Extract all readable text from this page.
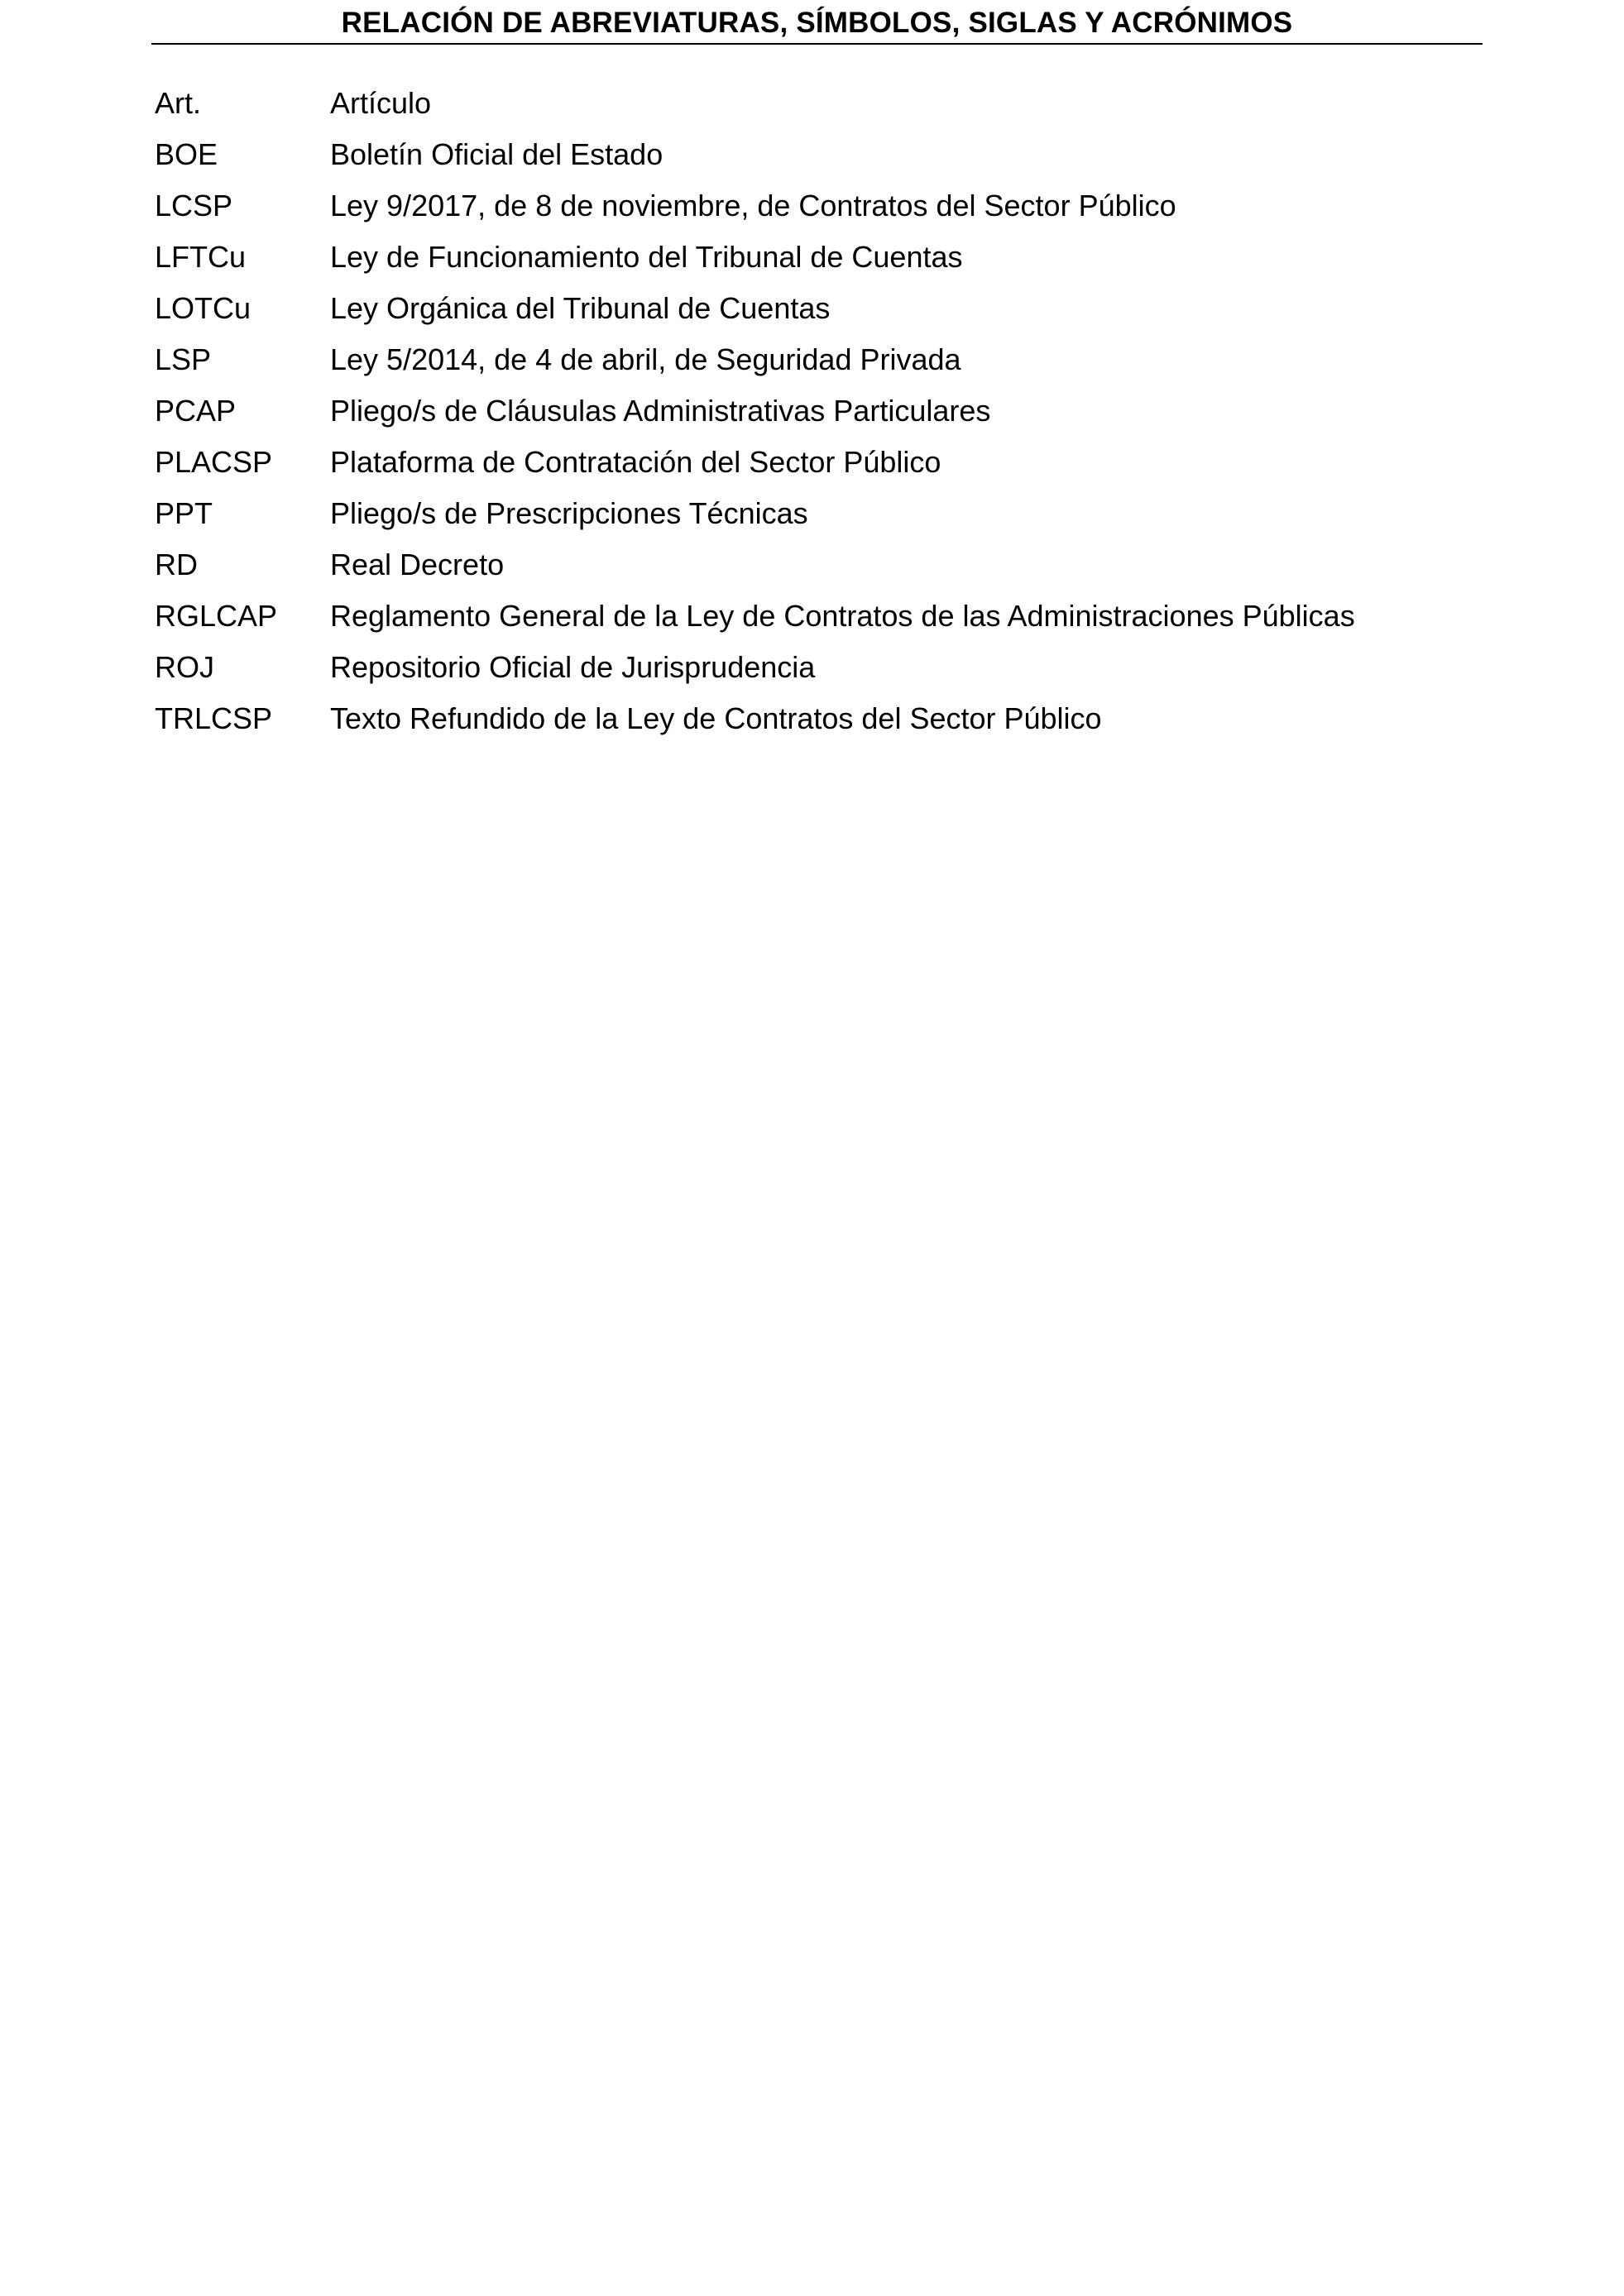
RELACIÓN DE ABREVIATURAS, SÍMBOLOS, SIGLAS Y ACRÓNIMOS
Art.	Artículo
BOE	Boletín Oficial del Estado
LCSP	Ley 9/2017, de 8 de noviembre, de Contratos del Sector Público
LFTCu	Ley de Funcionamiento del Tribunal de Cuentas
LOTCu	Ley Orgánica del Tribunal de Cuentas
LSP	Ley 5/2014, de 4 de abril, de Seguridad Privada
PCAP	Pliego/s de Cláusulas Administrativas Particulares
PLACSP	Plataforma de Contratación del Sector Público
PPT	Pliego/s de Prescripciones Técnicas
RD	Real Decreto
RGLCAP	Reglamento General de la Ley de Contratos de las Administraciones Públicas
ROJ	Repositorio Oficial de Jurisprudencia
TRLCSP	Texto Refundido de la Ley de Contratos del Sector Público
